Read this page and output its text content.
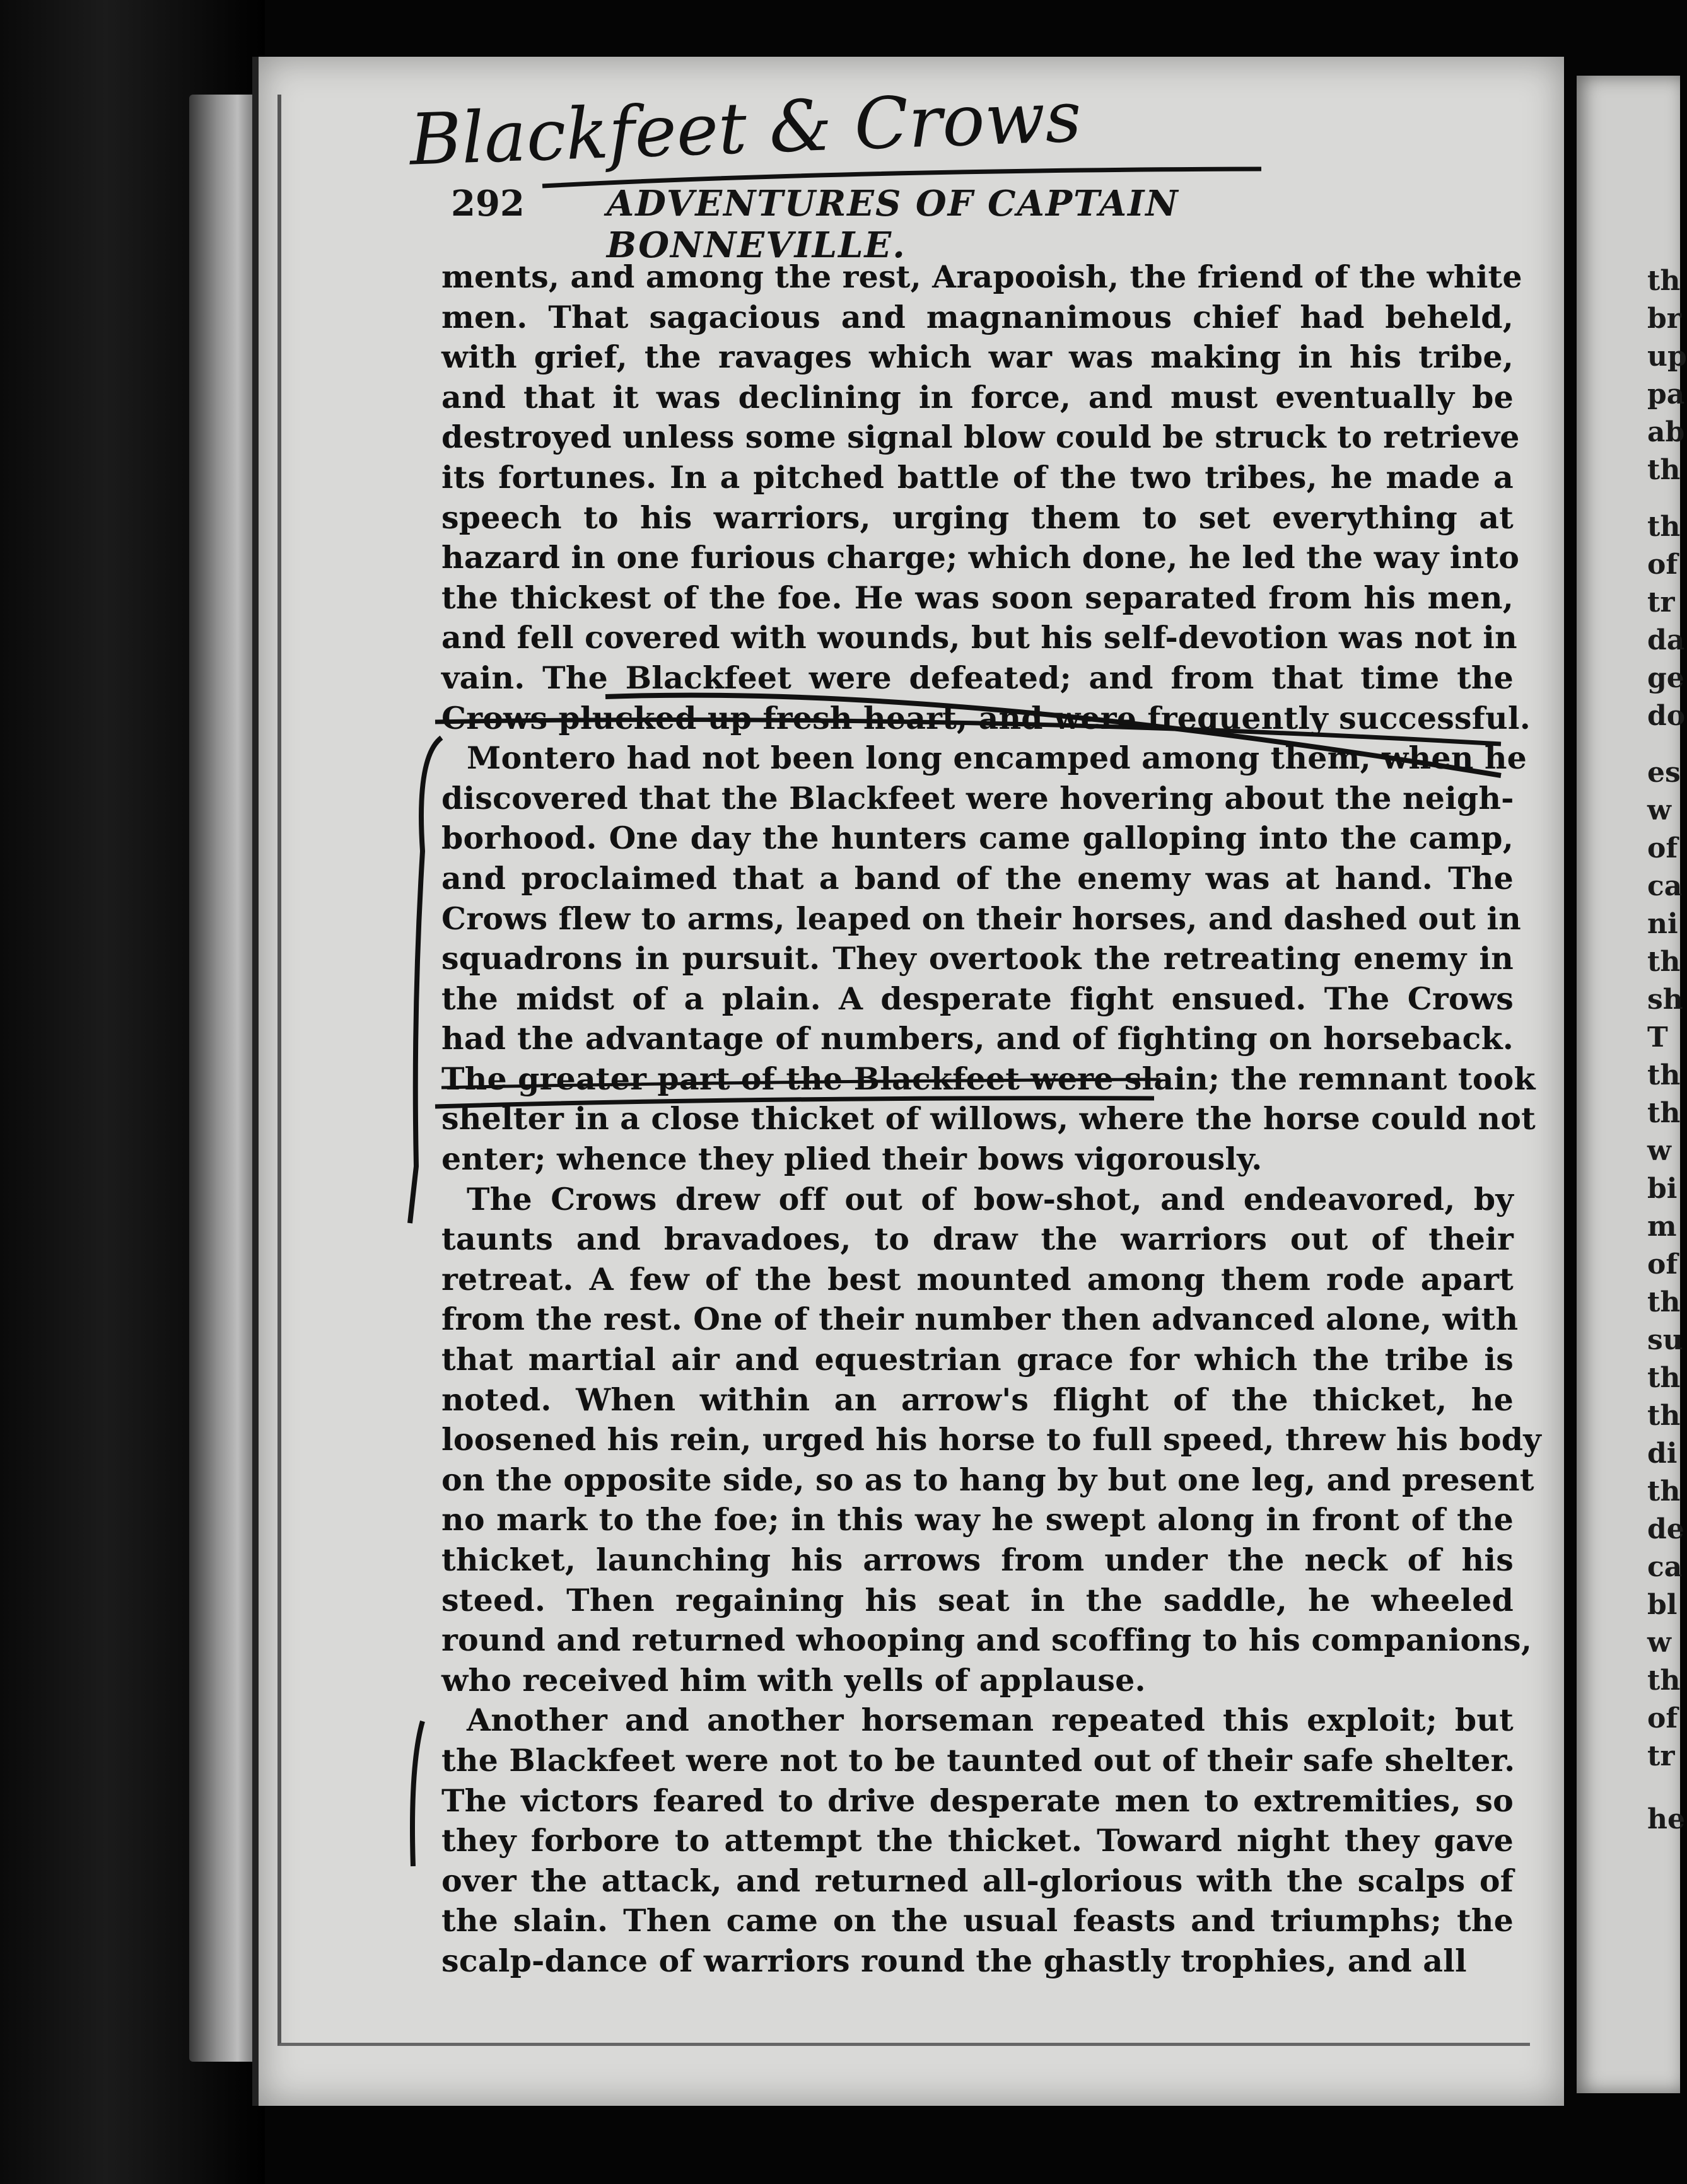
th
br
up
pa
ab
th
th
of
tr
da
ge
do
es
w
of
ca
ni
th
sh
T
th
th
w
bi
m
of
th
su
th
th
di
th
de
ca
bl
w
th
of
tr
he
Blackfeet & Crows
292 ADVENTURES OF CAPTAIN BONNEVILLE.
ments, and among the rest, Arapooish, the friend of the white
men. That sagacious and magnanimous chief had beheld,
with grief, the ravages which war was making in his tribe,
and that it was declining in force, and must eventually be
destroyed unless some signal blow could be struck to retrieve
its fortunes. In a pitched battle of the two tribes, he made a
speech to his warriors, urging them to set everything at
hazard in one furious charge; which done, he led the way into
the thickest of the foe. He was soon separated from his men,
and fell covered with wounds, but his self-devotion was not in
vain. The Blackfeet were defeated; and from that time the
Crows plucked up fresh heart, and were frequently successful.
Montero had not been long encamped among them, when he
discovered that the Blackfeet were hovering about the neigh-
borhood. One day the hunters came galloping into the camp,
and proclaimed that a band of the enemy was at hand. The
Crows flew to arms, leaped on their horses, and dashed out in
squadrons in pursuit. They overtook the retreating enemy in
the midst of a plain. A desperate fight ensued. The Crows
had the advantage of numbers, and of fighting on horseback.
The greater part of the Blackfeet were slain; the remnant took
shelter in a close thicket of willows, where the horse could not
enter; whence they plied their bows vigorously.
The Crows drew off out of bow-shot, and endeavored, by
taunts and bravadoes, to draw the warriors out of their
retreat. A few of the best mounted among them rode apart
from the rest. One of their number then advanced alone, with
that martial air and equestrian grace for which the tribe is
noted. When within an arrow's flight of the thicket, he
loosened his rein, urged his horse to full speed, threw his body
on the opposite side, so as to hang by but one leg, and present
no mark to the foe; in this way he swept along in front of the
thicket, launching his arrows from under the neck of his
steed. Then regaining his seat in the saddle, he wheeled
round and returned whooping and scoffing to his companions,
who received him with yells of applause.
Another and another horseman repeated this exploit; but
the Blackfeet were not to be taunted out of their safe shelter.
The victors feared to drive desperate men to extremities, so
they forbore to attempt the thicket. Toward night they gave
over the attack, and returned all-glorious with the scalps of
the slain. Then came on the usual feasts and triumphs; the
scalp-dance of warriors round the ghastly trophies, and all
